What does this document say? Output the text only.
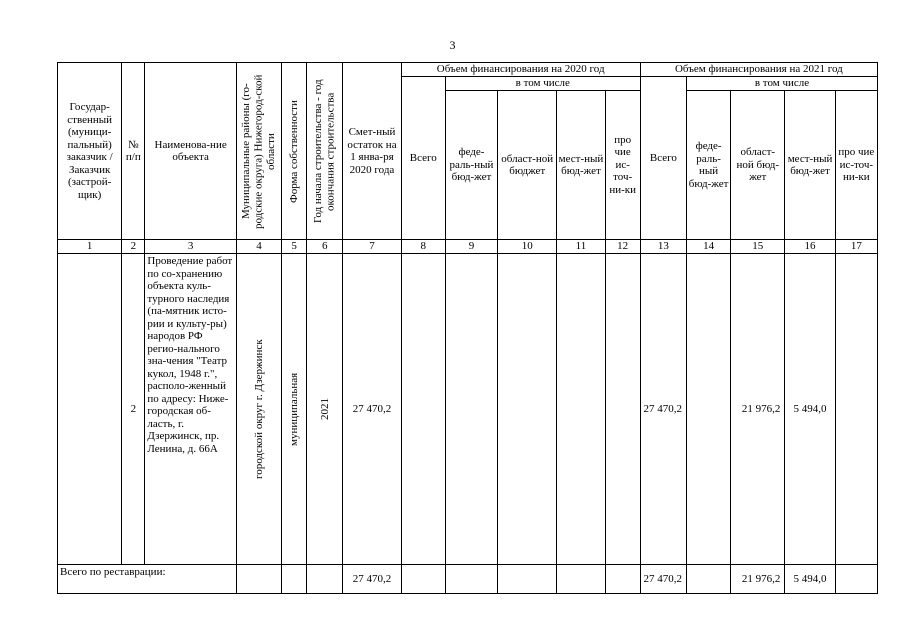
3
Государ-ственный (муници-пальный) заказчик / Заказчик (застрой-щик)	№ п/п	Наименова-ние объекта	Муниципальные районы (го-родские округа) Нижегород-ской области	Форма собственности	Год начала строительства - год окончания строительства	Смет-ный остаток на 1 янва-ря 2020 года	Объем финансирования на 2020 год					Объем финансирования на 2021 год				
							Всего	в том числе				Всего	в том числе			
								феде-раль-ный бюд-жет	област-ной бюджет	мест-ный бюд-жет	про чие ис-точ-ни-ки		феде-раль-ный бюд-жет	област-ной бюд-жет	мест-ный бюд-жет	про чие ис-точ-ни-ки
1	2	3	4	5	6	7	8	9	10	11	12	13	14	15	16	17
	2	Проведение работ по со-хранению объекта куль-турного наследия (па-мятник исто-рии и культу-ры) народов РФ регио-нального зна-чения "Театр кукол, 1948 г.", располо-женный по адресу: Ниже-городская об-ласть, г. Дзержинск, пр. Ленина, д. 66А	городской округ г. Дзержинск	муниципальная	2021	27 470,2						27 470,2		21 976,2	5 494,0	
Всего по реставрации:						27 470,2						27 470,2		21 976,2	5 494,0	
